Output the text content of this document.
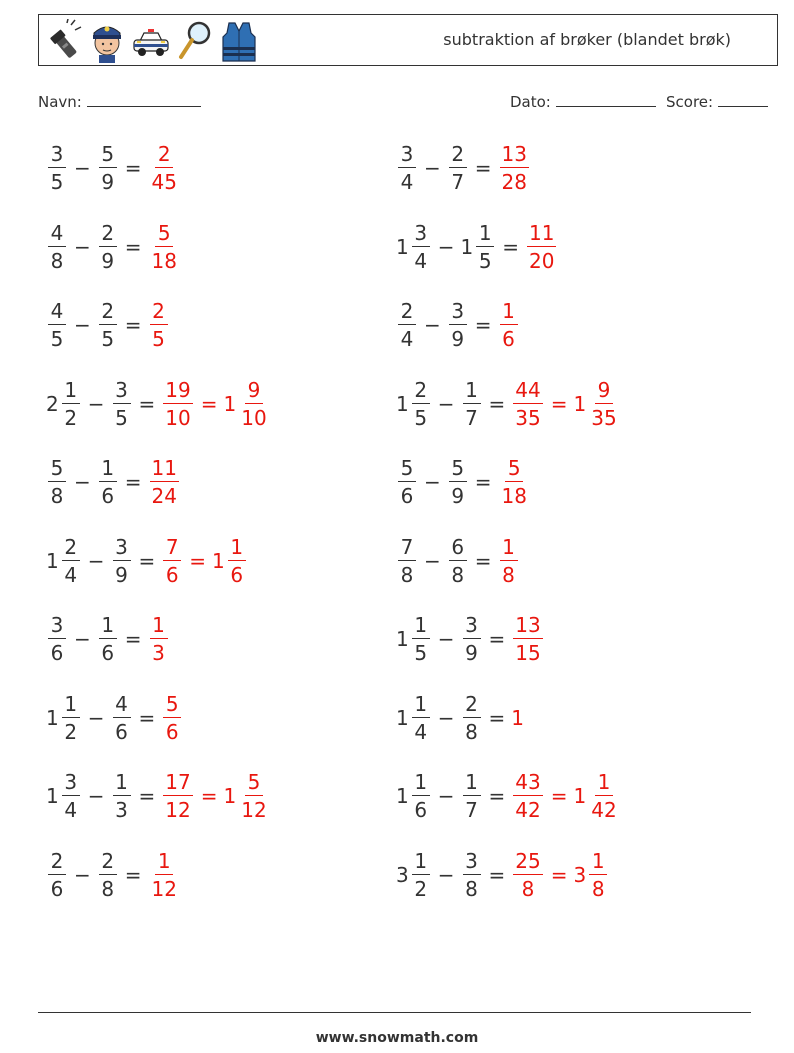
subtraktion af brøker (blandet brøk)
Navn:	Dato:	Score:
$\frac{3}{5} - \frac{5}{9} = \frac{2}{45}$	$\frac{3}{4} - \frac{2}{7} = \frac{13}{28}$
$\frac{4}{8} - \frac{2}{9} = \frac{5}{18}$	$1 \frac{3}{4} - 1 \frac{1}{5} = \frac{11}{20}$
$\frac{4}{5} - \frac{2}{5} = \frac{2}{5}$	$\frac{2}{4} - \frac{3}{9} = \frac{1}{6}$
$2 \frac{1}{2} - \frac{3}{5} = \frac{19}{10} = 1 \frac{9}{10}$	$1 \frac{2}{5} - \frac{1}{7} = \frac{44}{35} = 1 \frac{9}{35}$
$\frac{5}{8} - \frac{1}{6} = \frac{11}{24}$	$\frac{5}{6} - \frac{5}{9} = \frac{5}{18}$
$1 \frac{2}{4} - \frac{3}{9} = \frac{7}{6} = 1 \frac{1}{6}$	$\frac{7}{8} - \frac{6}{8} = \frac{1}{8}$
$\frac{3}{6} - \frac{1}{6} = \frac{1}{3}$	$1 \frac{1}{5} - \frac{3}{9} = \frac{13}{15}$
$1 \frac{1}{2} - \frac{4}{6} = \frac{5}{6}$	$1 \frac{1}{4} - \frac{2}{8} = 1$
$1 \frac{3}{4} - \frac{1}{3} = \frac{17}{12} = 1 \frac{5}{12}$	$1 \frac{1}{6} - \frac{1}{7} = \frac{43}{42} = 1 \frac{1}{42}$
$\frac{2}{6} - \frac{2}{8} = \frac{1}{12}$	$3 \frac{1}{2} - \frac{3}{8} = \frac{25}{8} = 3 \frac{1}{8}$
www.snowmath.com
